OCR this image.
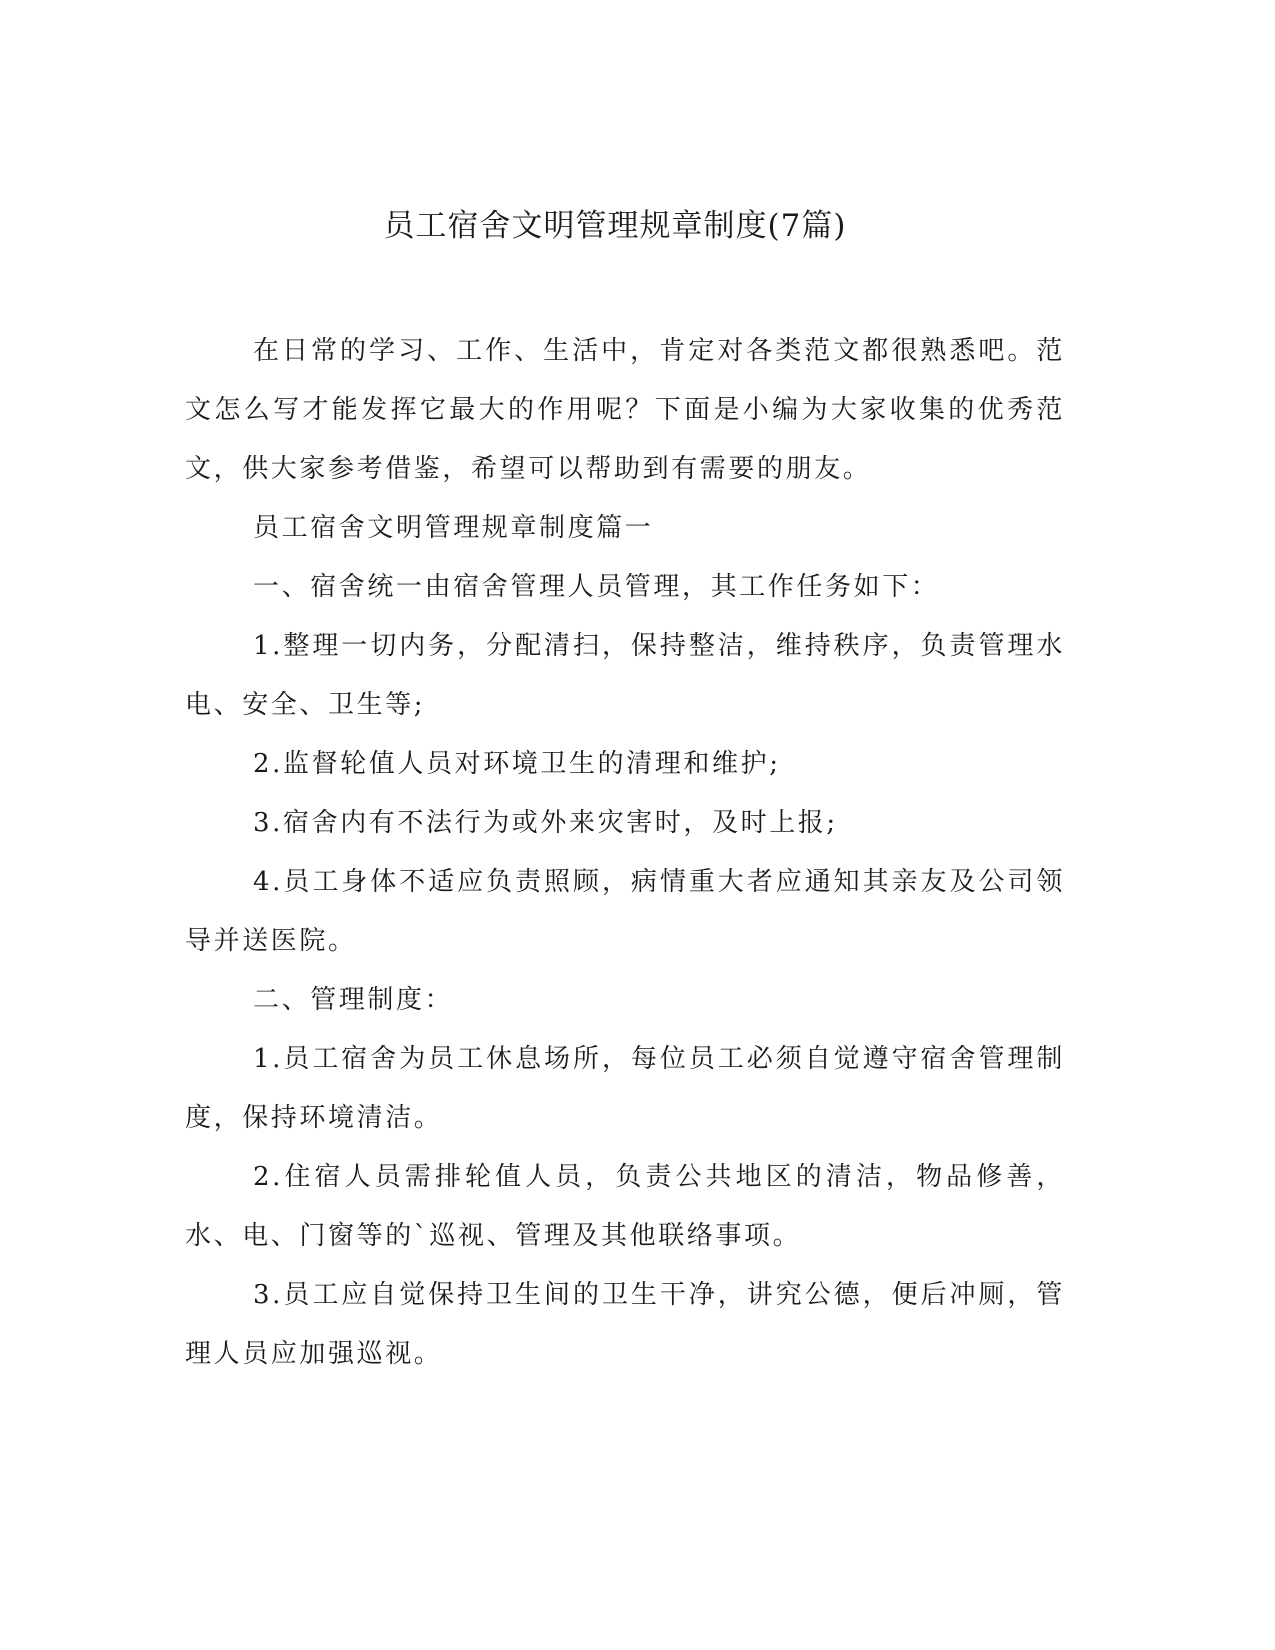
员工宿舍文明管理规章制度(7篇)

在日常的学习、工作、生活中，肯定对各类范文都很熟悉吧。范文怎么写才能发挥它最大的作用呢？下面是小编为大家收集的优秀范文，供大家参考借鉴，希望可以帮助到有需要的朋友。

员工宿舍文明管理规章制度篇一

一、宿舍统一由宿舍管理人员管理，其工作任务如下：

1.整理一切内务，分配清扫，保持整洁，维持秩序，负责管理水电、安全、卫生等;

2.监督轮值人员对环境卫生的清理和维护;

3.宿舍内有不法行为或外来灾害时，及时上报;

4.员工身体不适应负责照顾，病情重大者应通知其亲友及公司领导并送医院。

二、管理制度：

1.员工宿舍为员工休息场所，每位员工必须自觉遵守宿舍管理制度，保持环境清洁。

2.住宿人员需排轮值人员，负责公共地区的清洁，物品修善，水、电、门窗等的`巡视、管理及其他联络事项。

3.员工应自觉保持卫生间的卫生干净，讲究公德，便后冲厕，管理人员应加强巡视。
